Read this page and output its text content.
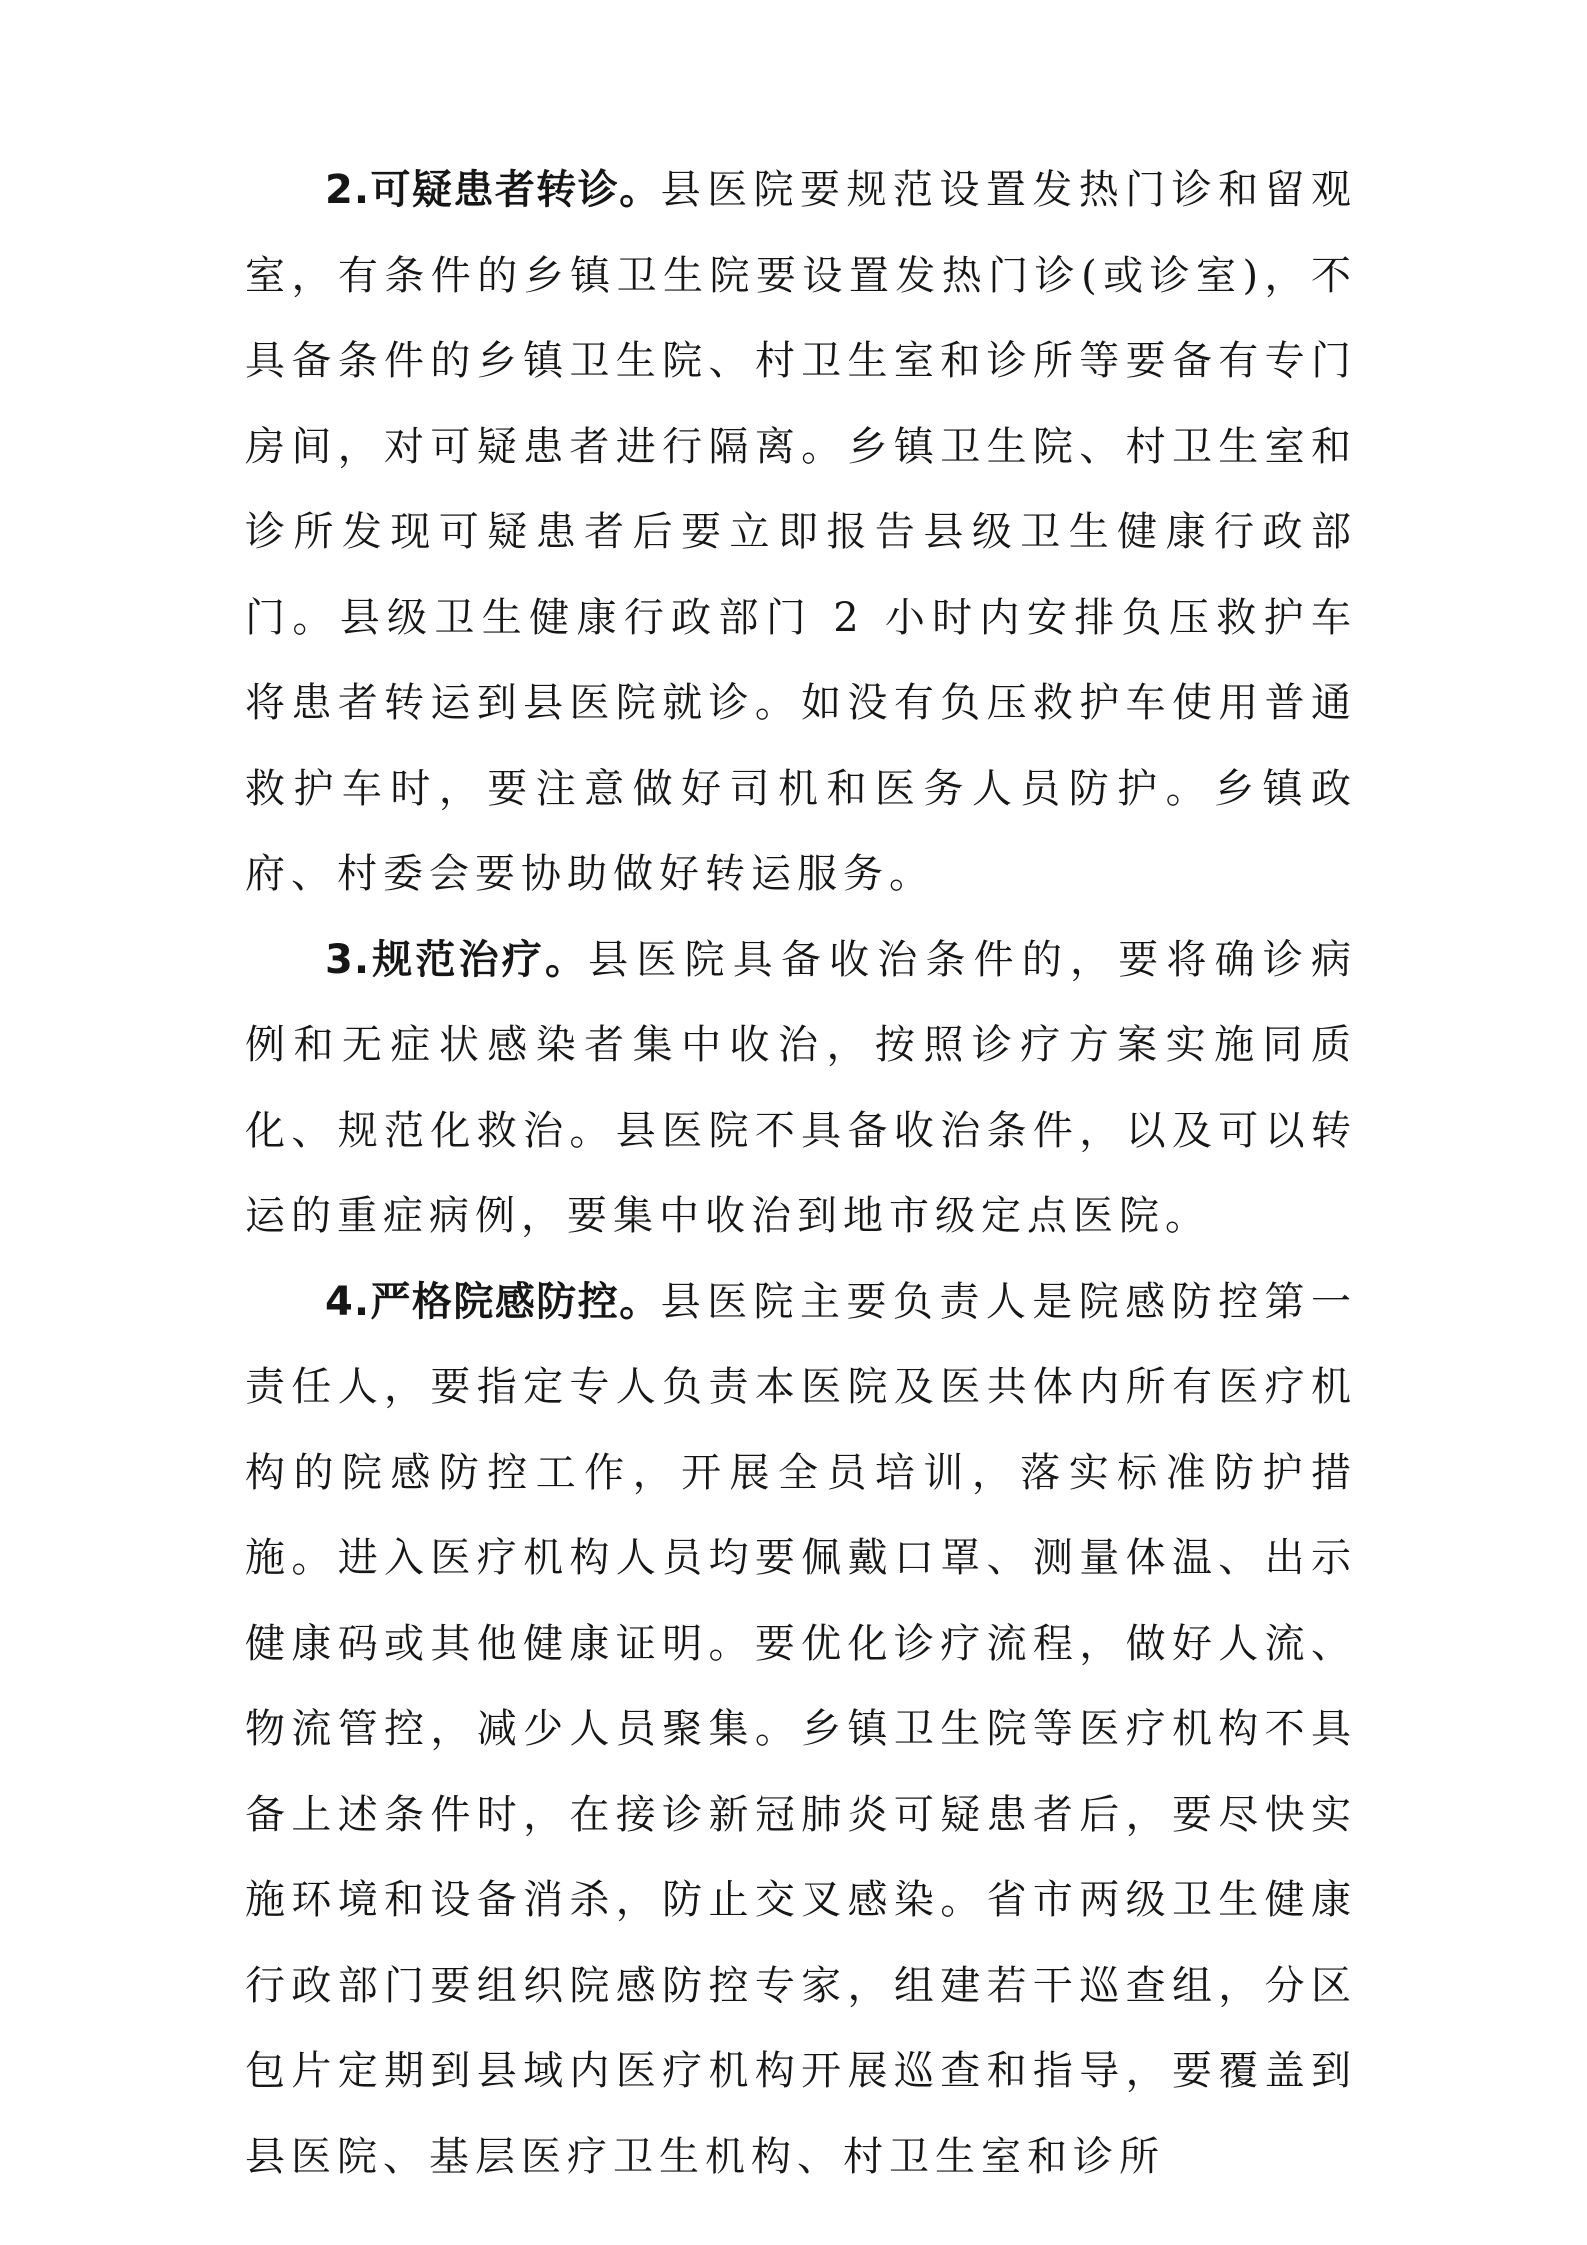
2.可疑患者转诊。县医院要规范设置发热门诊和留观室，有条件的乡镇卫生院要设置发热门诊(或诊室)，不具备条件的乡镇卫生院、村卫生室和诊所等要备有专门房间，对可疑患者进行隔离。乡镇卫生院、村卫生室和诊所发现可疑患者后要立即报告县级卫生健康行政部门。县级卫生健康行政部门 2 小时内安排负压救护车将患者转运到县医院就诊。如没有负压救护车使用普通救护车时，要注意做好司机和医务人员防护。乡镇政府、村委会要协助做好转运服务。

3.规范治疗。县医院具备收治条件的，要将确诊病例和无症状感染者集中收治，按照诊疗方案实施同质化、规范化救治。县医院不具备收治条件，以及可以转运的重症病例，要集中收治到地市级定点医院。

4.严格院感防控。县医院主要负责人是院感防控第一责任人，要指定专人负责本医院及医共体内所有医疗机构的院感防控工作，开展全员培训，落实标准防护措施。进入医疗机构人员均要佩戴口罩、测量体温、出示健康码或其他健康证明。要优化诊疗流程，做好人流、物流管控，减少人员聚集。乡镇卫生院等医疗机构不具备上述条件时，在接诊新冠肺炎可疑患者后，要尽快实施环境和设备消杀，防止交叉感染。省市两级卫生健康行政部门要组织院感防控专家，组建若干巡查组，分区包片定期到县域内医疗机构开展巡查和指导，要覆盖到县医院、基层医疗卫生机构、村卫生室和诊所
